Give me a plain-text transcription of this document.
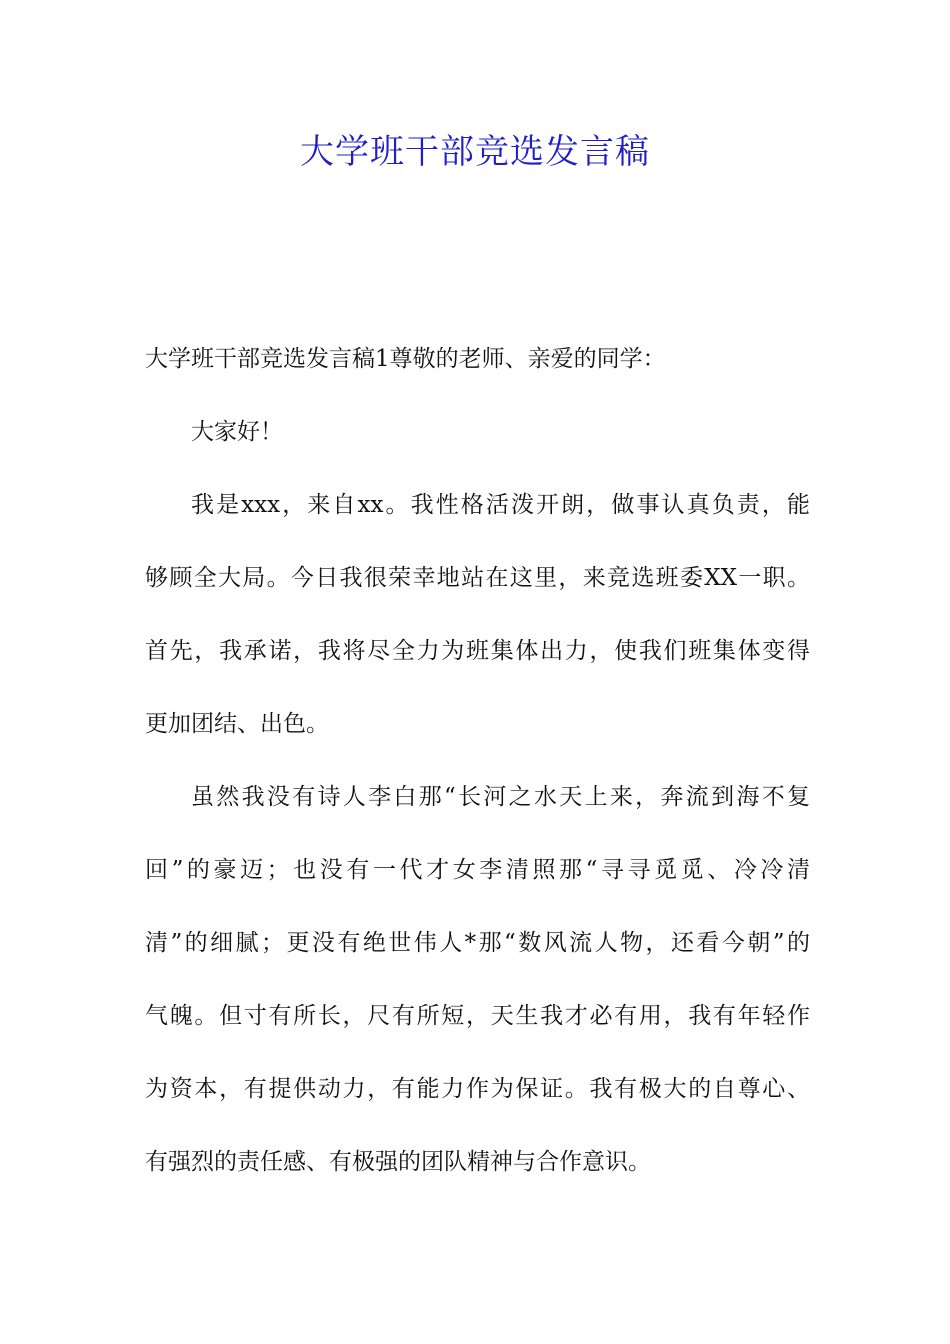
大学班干部竞选发言稿
大学班干部竞选发言稿1尊敬的老师、亲爱的同学：
大家好！
我是xxx，来自xx。我性格活泼开朗，做事认真负责，能
够顾全大局。今日我很荣幸地站在这里，来竞选班委XX一职。
首先，我承诺，我将尽全力为班集体出力，使我们班集体变得
更加团结、出色。
虽然我没有诗人李白那“长河之水天上来，奔流到海不复
回”的豪迈；也没有一代才女李清照那“寻寻觅觅、冷冷清
清”的细腻；更没有绝世伟人*那“数风流人物，还看今朝”的
气魄。但寸有所长，尺有所短，天生我才必有用，我有年轻作
为资本，有提供动力，有能力作为保证。我有极大的自尊心、
有强烈的责任感、有极强的团队精神与合作意识。
